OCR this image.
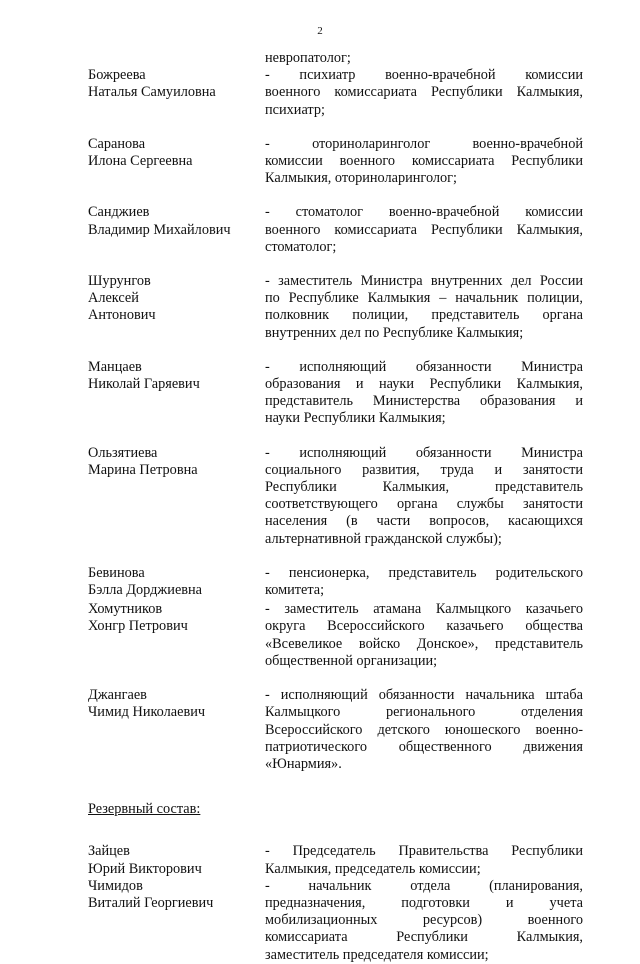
2
невропатолог;
Божреева
Наталья Самуиловна
- психиатр военно-врачебной комиссии
военного комиссариата Республики Калмыкия,
психиатр;
Саранова
Илона Сергеевна
- оториноларинголог военно-врачебной
комиссии военного комиссариата Республики
Калмыкия, оториноларинголог;
Санджиев
Владимир Михайлович
- стоматолог военно-врачебной комиссии
военного комиссариата Республики Калмыкия,
стоматолог;
Шурунгов
Алексей
Антонович
- заместитель Министра внутренних дел России
по Республике Калмыкия – начальник полиции,
полковник полиции, представитель органа
внутренних дел по Республике Калмыкия;
Манцаев
Николай Гаряевич
- исполняющий обязанности Министра
образования и науки Республики Калмыкия,
представитель Министерства образования и
науки Республики Калмыкия;
Ользятиева
Марина Петровна
- исполняющий обязанности Министра
социального развития, труда и занятости
Республики Калмыкия, представитель
соответствующего органа службы занятости
населения (в части вопросов, касающихся
альтернативной гражданской службы);
Бевинова
Бэлла Дорджиевна
- пенсионерка, представитель родительского
комитета;
Хомутников
Хонгр Петрович
- заместитель атамана Калмыцкого казачьего
округа Всероссийского казачьего общества
«Всевеликое войско Донское», представитель
общественной организации;
Джангаев
Чимид Николаевич
- исполняющий обязанности начальника штаба
Калмыцкого регионального отделения
Всероссийского детского юношеского военно-
патриотического общественного движения
«Юнармия».
Резервный состав:
Зайцев
Юрий Викторович
- Председатель Правительства Республики
Калмыкия, председатель комиссии;
Чимидов
Виталий Георгиевич
- начальник отдела (планирования,
предназначения, подготовки и учета
мобилизационных ресурсов) военного
комиссариата Республики Калмыкия,
заместитель председателя комиссии;
